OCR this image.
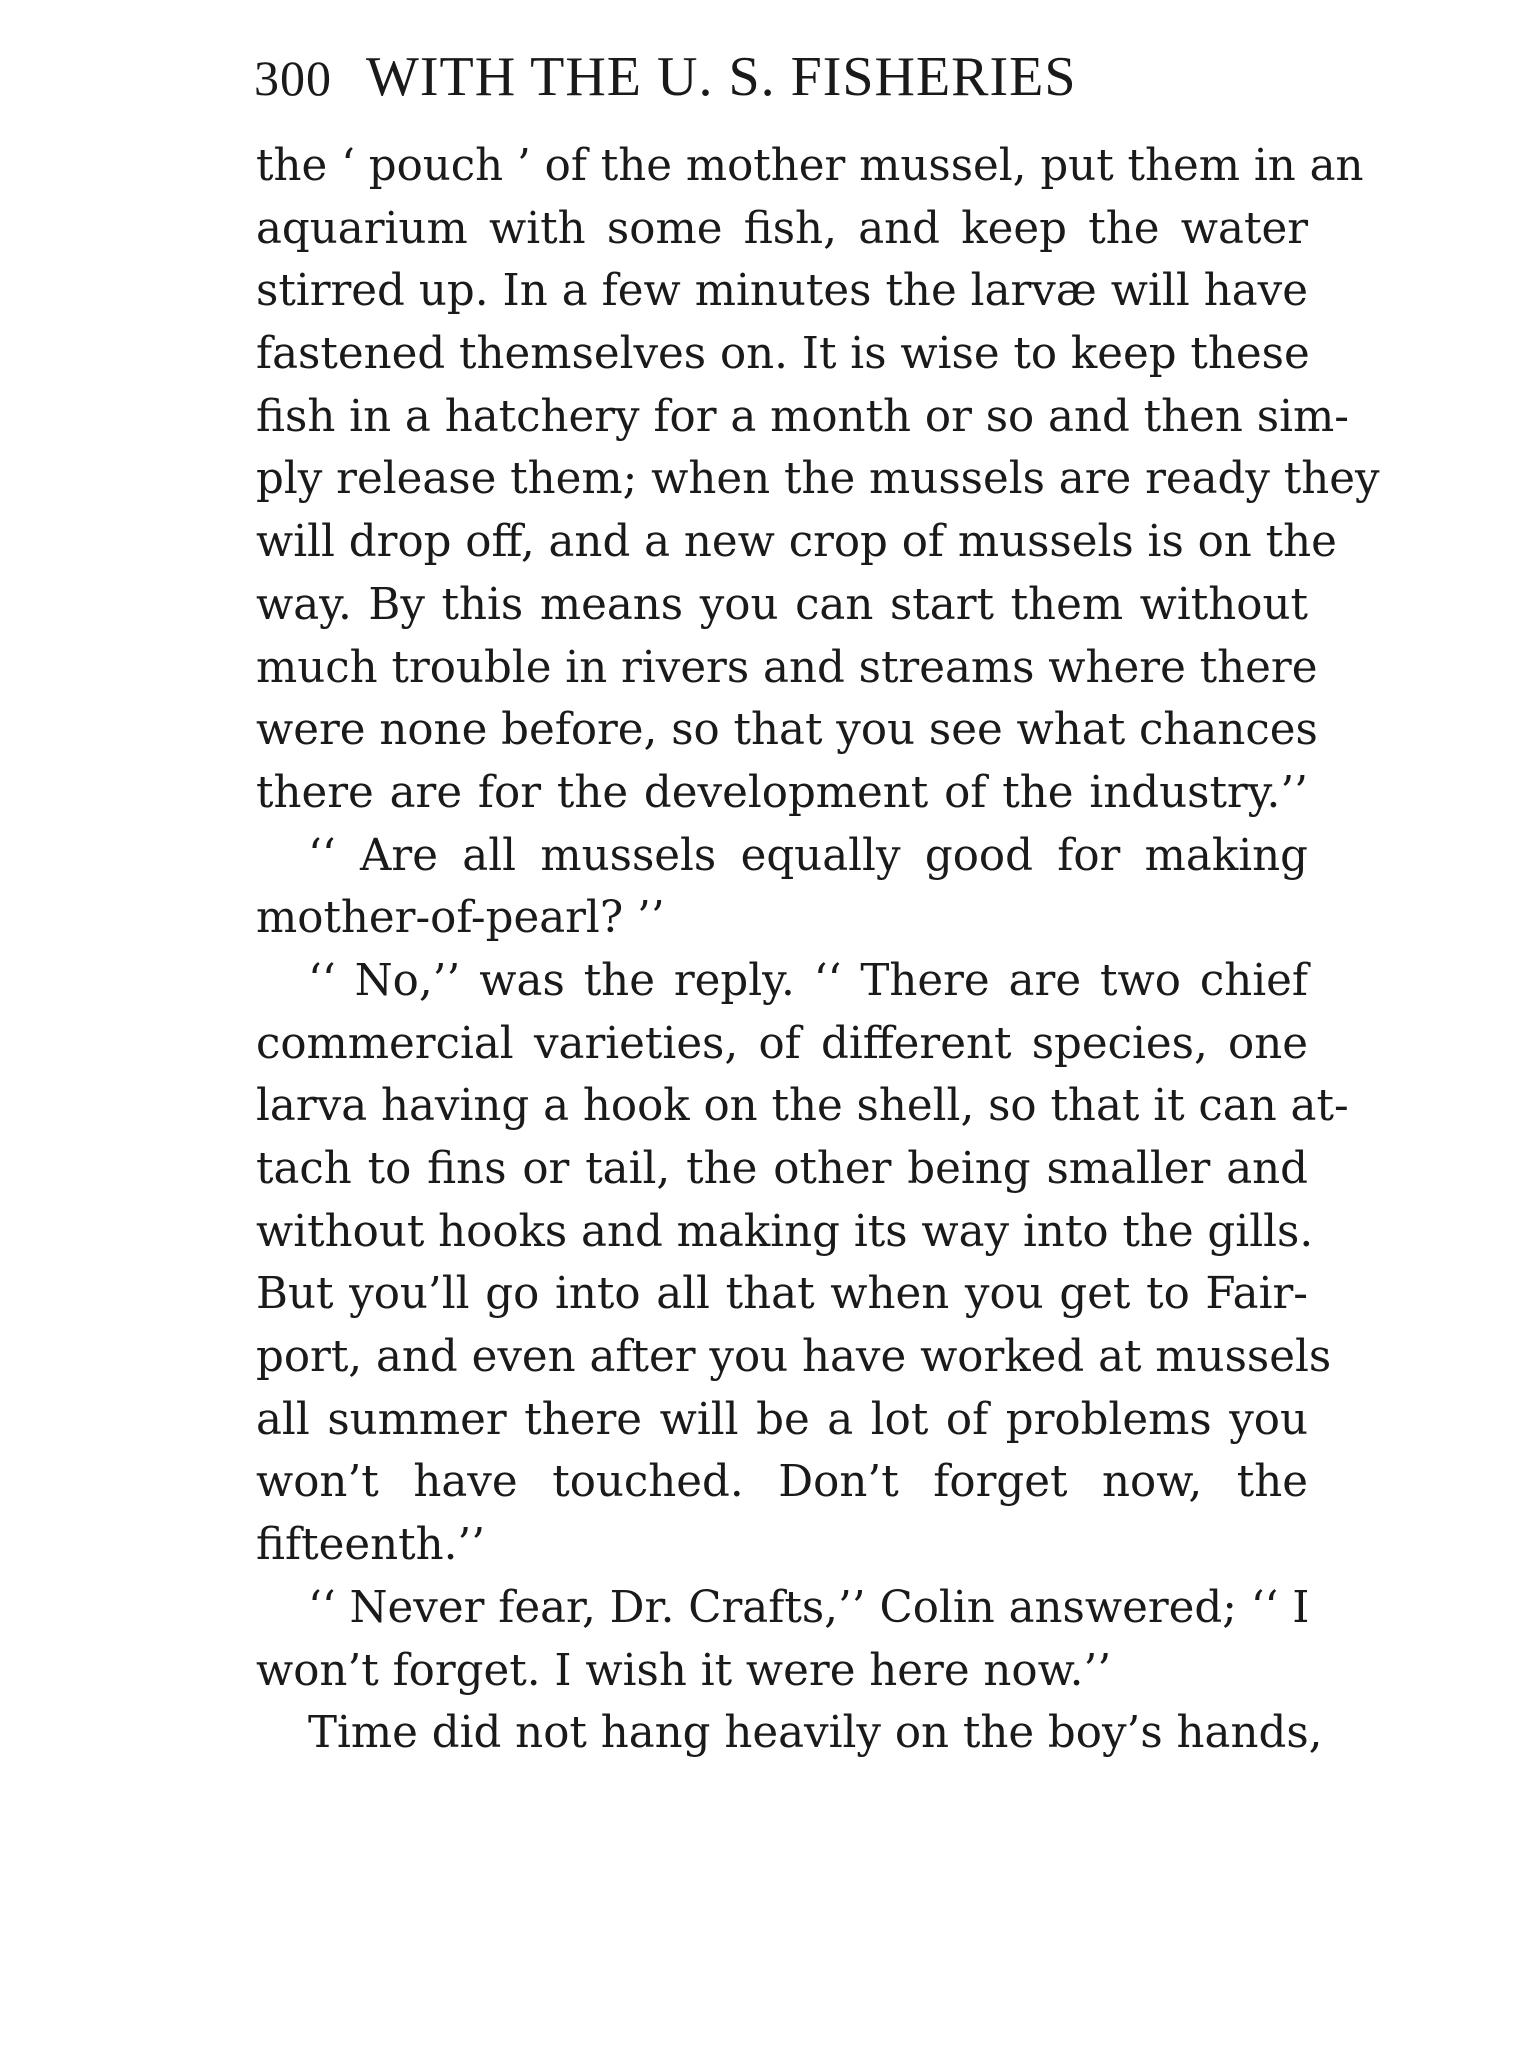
300 WITH THE U. S. FISHERIES
the ‘ pouch ’ of the mother mussel, put them in an
aquarium with some fish, and keep the water
stirred up. In a few minutes the larvæ will have
fastened themselves on. It is wise to keep these
fish in a hatchery for a month or so and then sim-
ply release them; when the mussels are ready they
will drop off, and a new crop of mussels is on the
way. By this means you can start them without
much trouble in rivers and streams where there
were none before, so that you see what chances
there are for the development of the industry.’’
‘‘ Are all mussels equally good for making
mother-of-pearl? ’’
‘‘ No,’’ was the reply. ‘‘ There are two chief
commercial varieties, of different species, one
larva having a hook on the shell, so that it can at-
tach to fins or tail, the other being smaller and
without hooks and making its way into the gills.
But you’ll go into all that when you get to Fair-
port, and even after you have worked at mussels
all summer there will be a lot of problems you
won’t have touched. Don’t forget now, the
fifteenth.’’
‘‘ Never fear, Dr. Crafts,’’ Colin answered; ‘‘ I
won’t forget. I wish it were here now.’’
Time did not hang heavily on the boy’s hands,
